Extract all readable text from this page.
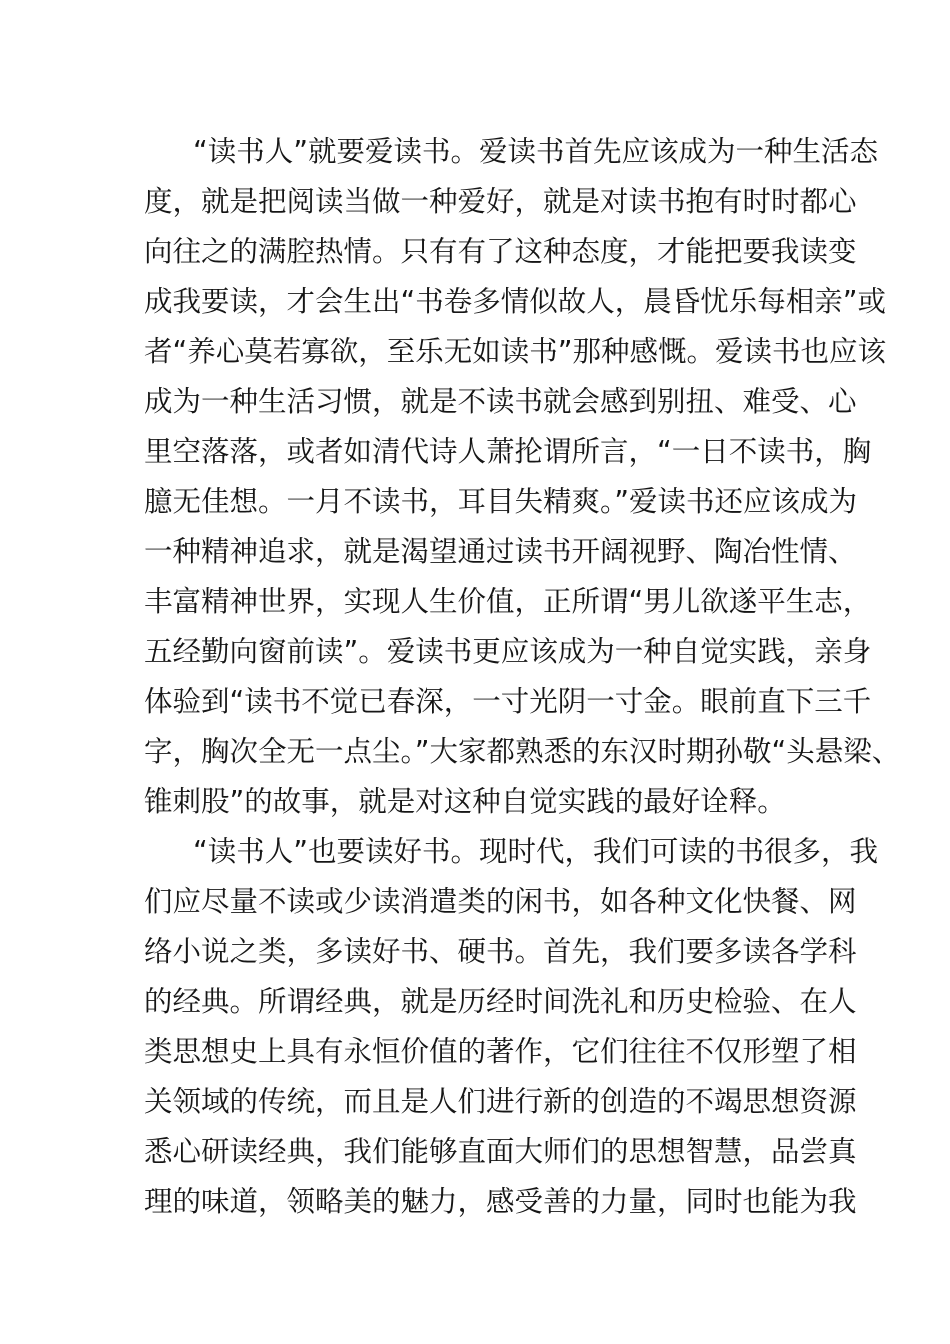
“读书人”就要爱读书。爱读书首先应该成为一种生活态
度，就是把阅读当做一种爱好，就是对读书抱有时时都心
向往之的满腔热情。只有有了这种态度，才能把要我读变
成我要读，才会生出“书卷多情似故人，晨昏忧乐每相亲”或
者“养心莫若寡欲，至乐无如读书”那种感慨。爱读书也应该
成为一种生活习惯，就是不读书就会感到别扭、难受、心
里空落落，或者如清代诗人萧抡谓所言，“一日不读书，胸
臆无佳想。一月不读书，耳目失精爽。”爱读书还应该成为
一种精神追求，就是渴望通过读书开阔视野、陶冶性情、
丰富精神世界，实现人生价值，正所谓“男儿欲遂平生志，
五经勤向窗前读”。爱读书更应该成为一种自觉实践，亲身
体验到“读书不觉已春深，一寸光阴一寸金。眼前直下三千
字，胸次全无一点尘。”大家都熟悉的东汉时期孙敬“头悬梁、
锥刺股”的故事，就是对这种自觉实践的最好诠释。
“读书人”也要读好书。现时代，我们可读的书很多，我
们应尽量不读或少读消遣类的闲书，如各种文化快餐、网
络小说之类，多读好书、硬书。首先，我们要多读各学科
的经典。所谓经典，就是历经时间洗礼和历史检验、在人
类思想史上具有永恒价值的著作，它们往往不仅形塑了相
关领域的传统，而且是人们进行新的创造的不竭思想资源
悉心研读经典，我们能够直面大师们的思想智慧，品尝真
理的味道，领略美的魅力，感受善的力量，同时也能为我
